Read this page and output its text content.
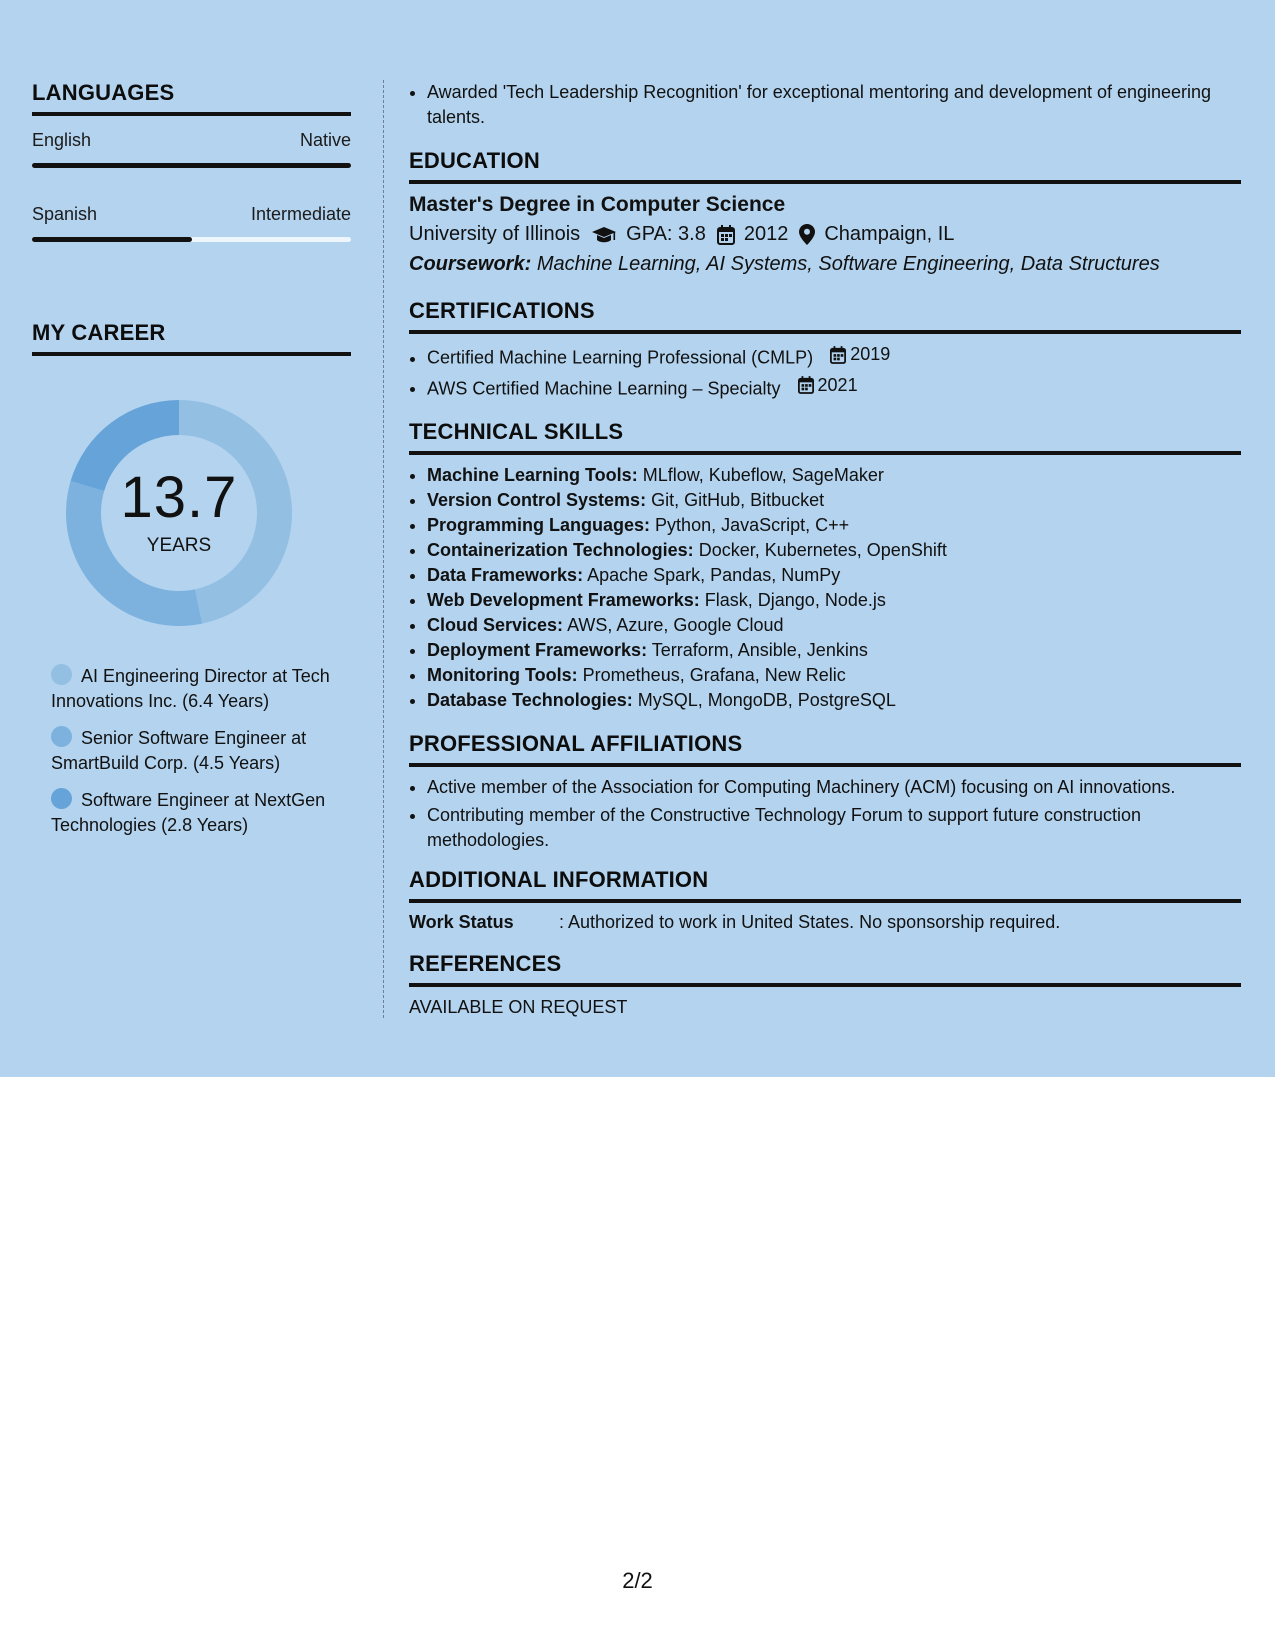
LANGUAGES
English	Native
Spanish	Intermediate
MY CAREER
13.7
YEARS
AI Engineering Director at Tech Innovations Inc. (6.4 Years)
Senior Software Engineer at SmartBuild Corp. (4.5 Years)
Software Engineer at NextGen Technologies (2.8 Years)
• Awarded 'Tech Leadership Recognition' for exceptional mentoring and development of engineering talents.
EDUCATION
Master's Degree in Computer Science
University of Illinois GPA: 3.8 2012 Champaign, IL
Coursework: Machine Learning, AI Systems, Software Engineering, Data Structures
CERTIFICATIONS
• Certified Machine Learning Professional (CMLP) 2019
• AWS Certified Machine Learning – Specialty 2021
TECHNICAL SKILLS
• Machine Learning Tools: MLflow, Kubeflow, SageMaker
• Version Control Systems: Git, GitHub, Bitbucket
• Programming Languages: Python, JavaScript, C++
• Containerization Technologies: Docker, Kubernetes, OpenShift
• Data Frameworks: Apache Spark, Pandas, NumPy
• Web Development Frameworks: Flask, Django, Node.js
• Cloud Services: AWS, Azure, Google Cloud
• Deployment Frameworks: Terraform, Ansible, Jenkins
• Monitoring Tools: Prometheus, Grafana, New Relic
• Database Technologies: MySQL, MongoDB, PostgreSQL
PROFESSIONAL AFFILIATIONS
• Active member of the Association for Computing Machinery (ACM) focusing on AI innovations.
• Contributing member of the Constructive Technology Forum to support future construction methodologies.
ADDITIONAL INFORMATION
Work Status	: Authorized to work in United States. No sponsorship required.
REFERENCES
AVAILABLE ON REQUEST
2/2
